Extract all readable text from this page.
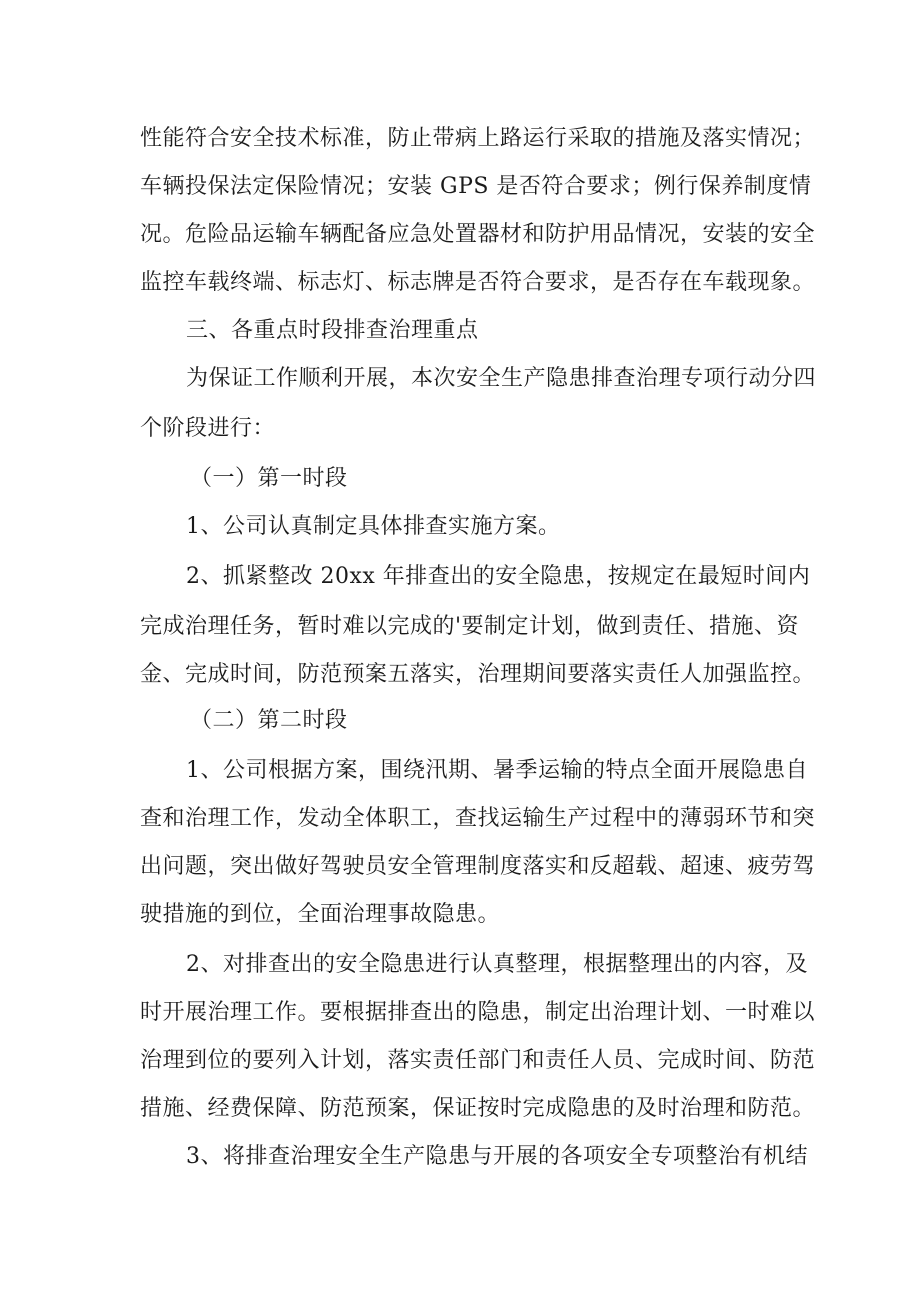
性能符合安全技术标准，防止带病上路运行采取的措施及落实情况；
车辆投保法定保险情况；安装 GPS 是否符合要求；例行保养制度情
况。危险品运输车辆配备应急处置器材和防护用品情况，安装的安全
监控车载终端、标志灯、标志牌是否符合要求，是否存在车载现象。
三、各重点时段排查治理重点
为保证工作顺利开展，本次安全生产隐患排查治理专项行动分四
个阶段进行：
（一）第一时段
1、公司认真制定具体排查实施方案。
2、抓紧整改 20xx 年排查出的安全隐患，按规定在最短时间内
完成治理任务，暂时难以完成的'要制定计划，做到责任、措施、资
金、完成时间，防范预案五落实，治理期间要落实责任人加强监控。
（二）第二时段
1、公司根据方案，围绕汛期、暑季运输的特点全面开展隐患自
查和治理工作，发动全体职工，查找运输生产过程中的薄弱环节和突
出问题，突出做好驾驶员安全管理制度落实和反超载、超速、疲劳驾
驶措施的到位，全面治理事故隐患。
2、对排查出的安全隐患进行认真整理，根据整理出的内容，及
时开展治理工作。要根据排查出的隐患，制定出治理计划、一时难以
治理到位的要列入计划，落实责任部门和责任人员、完成时间、防范
措施、经费保障、防范预案，保证按时完成隐患的及时治理和防范。
3、将排查治理安全生产隐患与开展的各项安全专项整治有机结
